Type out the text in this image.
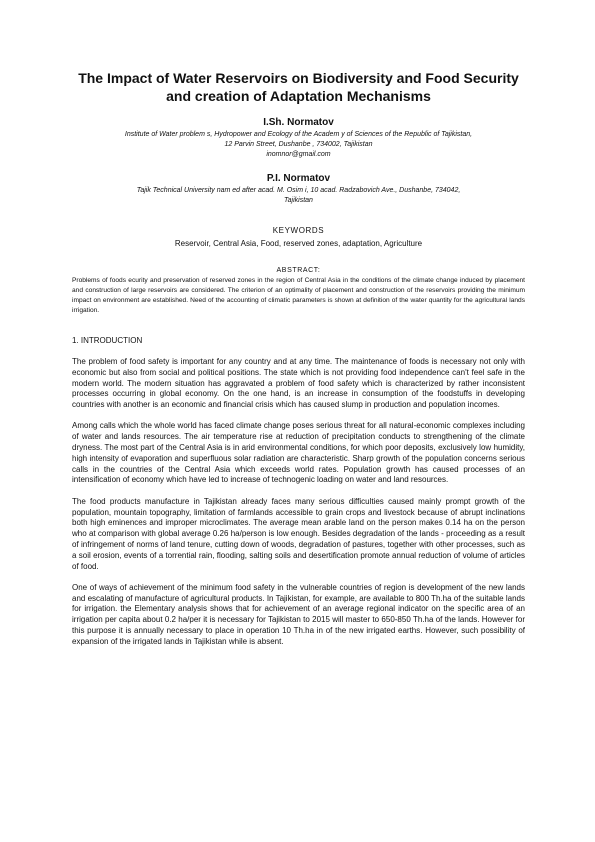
The Impact of Water Reservoirs on Biodiversity and Food Security
and creation of Adaptation Mechanisms

I.Sh. Normatov

Institute of Water problem s, Hydropower and Ecology of the Academ y of Sciences of the Republic of Tajikistan,
12 Parvin Street, Dushanbe , 734002, Tajikistan
inomnor@gmail.com

P.I. Normatov

Tajik Technical University nam ed after acad. M. Osim i, 10 acad. Radzabovich Ave., Dushanbe, 734042,
Tajikistan

KEYWORDS

Reservoir, Central Asia, Food, reserved zones, adaptation, Agriculture

ABSTRACT:

Problems of foods ecurity and preservation of reserved zones in the region of Central Asia in the conditions of the climate change induced by placement and construction of large reservoirs are considered. The criterion of an optimality of placement and construction of the reservoirs providing the minimum impact on environment are established. Need of the accounting of climatic parameters is shown at definition of the water quantity for the agricultural lands irrigation.

1. INTRODUCTION

The problem of food safety is important for any country and at any time. The maintenance of foods is necessary not only with economic but also from social and political positions. The state which is not providing food independence can't feel safe in the modern world. The modern situation has aggravated a problem of food safety which is characterized by rather inconsistent processes occurring in global economy. On the one hand, is an increase in consumption of the foodstuffs in developing countries with another is an economic and financial crisis which has caused slump in production and population incomes.

Among calls which the whole world has faced climate change poses serious threat for all natural-economic complexes including of water and lands resources. The air temperature rise at reduction of precipitation conducts to strengthening of the climate dryness. The most part of the Central Asia is in arid environmental conditions, for which poor deposits, exclusively low humidity, high intensity of evaporation and superfluous solar radiation are characteristic. Sharp growth of the population concerns serious calls in the countries of the Central Asia which exceeds world rates. Population growth has caused processes of an intensification of economy which have led to increase of technogenic loading on water and land resources.

The food products manufacture in Tajikistan already faces many serious difficulties caused mainly prompt growth of the population, mountain topography, limitation of farmlands accessible to grain crops and livestock because of abrupt inclinations both high eminences and improper microclimates. The average mean arable land on the person makes 0.14 ha on the person who at comparison with global average 0.26 ha/person is low enough. Besides degradation of the lands - proceeding as a result of infringement of norms of land tenure, cutting down of woods, degradation of pastures, together with other processes, such as a soil erosion, events of a torrential rain, flooding, salting soils and desertification promote annual reduction of volume of articles of food.

One of ways of achievement of the minimum food safety in the vulnerable countries of region is development of the new lands and escalating of manufacture of agricultural products. In Tajikistan, for example, are available to 800 Th.ha of the suitable lands for irrigation. the Elementary analysis shows that for achievement of an average regional indicator on the specific area of an irrigation per capita about 0.2 ha/per it is necessary for Tajikistan to 2015 will master to 650-850 Th.ha of the lands. However for this purpose it is annually necessary to place in operation 10 Th.ha in of the new irrigated earths. However, such possibility of expansion of the irrigated lands in Tajikistan while is absent.
